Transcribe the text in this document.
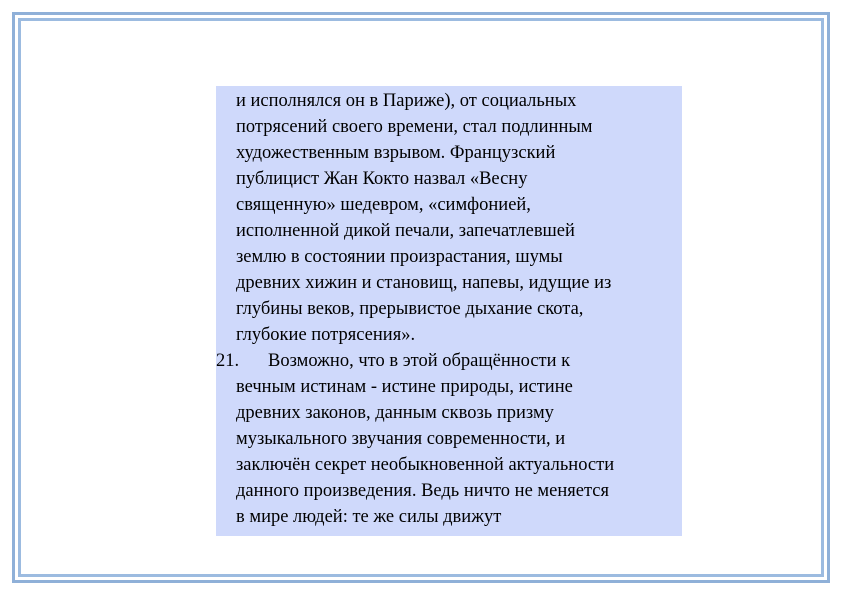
и исполнялся он в Париже), от социальных
потрясений своего времени, стал подлинным
художественным взрывом. Французский
публицист Жан Кокто назвал «Весну
священную» шедевром, «симфонией,
исполненной дикой печали, запечатлевшей
землю в состоянии произрастания, шумы
древних хижин и становищ, напевы, идущие из
глубины веков, прерывистое дыхание скота,
глубокие потрясения».
21. Возможно, что в этой обращённости к
вечным истинам - истине природы, истине
древних законов, данным сквозь призму
музыкального звучания современности, и
заключён секрет необыкновенной актуальности
данного произведения. Ведь ничто не меняется
в мире людей: те же силы движут
